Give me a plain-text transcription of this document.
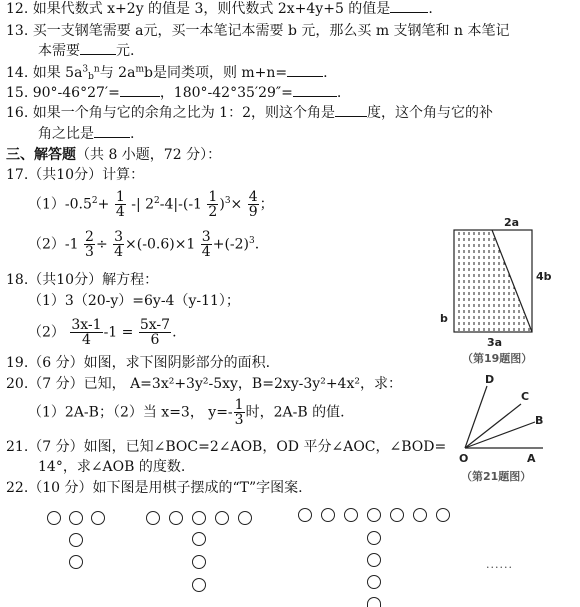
12. 如果代数式 x+2y 的值是 3，则代数式 2x+4y+5 的值是	.
13. 买一支钢笔需要 a元，买一本笔记本需要 b 元，那么买 m 支钢笔和 n 本笔记
本需要	元.
14. 如果 $5a^3b^n$与 $2a^mb$是同类项，则 m+n=	.
15. 90°-46°27′=	，180°-42°35′29″=	.
16. 如果一个角与它的余角之比为 1：2，则这个角是 度，这个角与它的补
角之比是	.
三、解答题（共 8 小题，72 分）：
17.（共10分）计算：
$(1)-0.5^2+ \frac{1}{4}$ -| $2^2-4|-(-1 \frac{1}{2} )^3\times \frac{4}{9}$ ；
$(2)-1 \frac{2}{3} \div \frac{3}{4} \times(-0.6)\times 1 \frac{3}{4} +(-2)^3$.
18.（共10分）解方程：
（1）3（20-y）=6y-4（y-11）；
$(2) \frac{3x-1}{4} -1 = \frac{5x-7}{6}$ .
19.（6 分）如图，求下图阴影部分的面积.
20.（7 分）已知， A=3x²+3y²-5xy，B=2xy-3y²+4x²，求：
（1）2A-B；（2）当 x=3， $y=- \frac{1}{3}$ 时，2A-B 的值.
21.（7 分）如图，已知∠BOC=2∠AOB，OD 平分∠AOC，∠BOD=
14°，求∠AOB 的度数.
22.（10 分）如下图是用棋子摆成的“T”字图案.
2a
4b
b
3a
（第19题图）
D
C
B
O	A
（第21题图）
......
